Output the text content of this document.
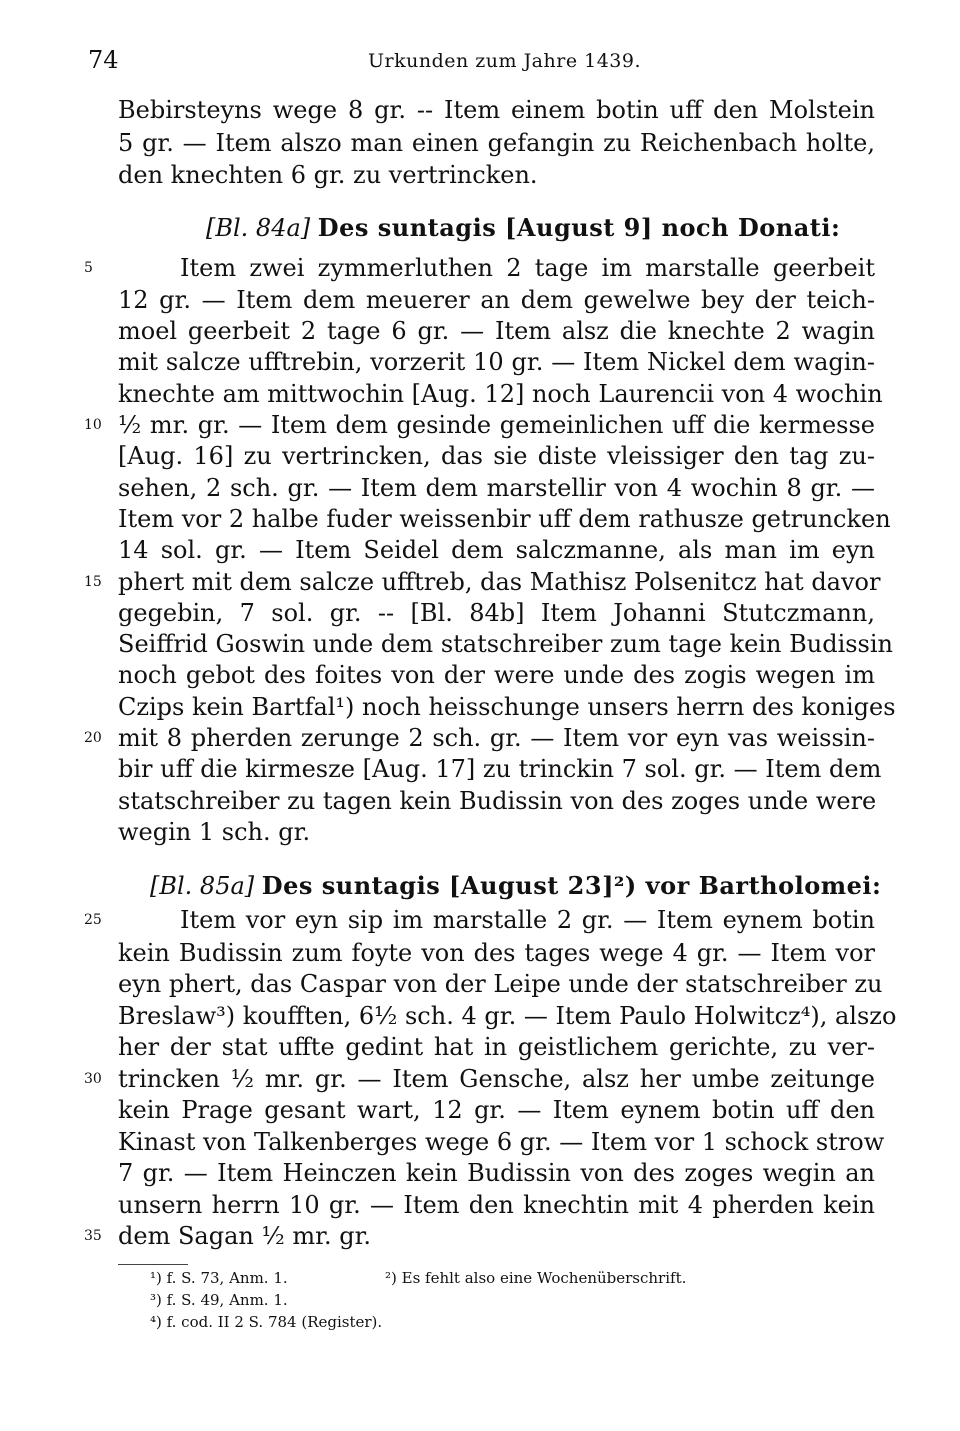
74	Urkunden zum Jahre 1439.
Bebirsteyns wege 8 gr. -- Item einem botin uff den Molstein
5 gr. — Item alszo man einen gefangin zu Reichenbach holte,
den knechten 6 gr. zu vertrincken.
[Bl. 84a] Des suntagis [August 9] noch Donati:
Item zwei zymmerluthen 2 tage im marstalle geerbeit
12 gr. — Item dem meuerer an dem gewelwe bey der teich-
moel geerbeit 2 tage 6 gr. — Item alsz die knechte 2 wagin
mit salcze ufftrebin, vorzerit 10 gr. — Item Nickel dem wagin-
knechte am mittwochin [Aug. 12] noch Laurencii von 4 wochin
½ mr. gr. — Item dem gesinde gemeinlichen uff die kermesse
[Aug. 16] zu vertrincken, das sie diste vleissiger den tag zu-
sehen, 2 sch. gr. — Item dem marstellir von 4 wochin 8 gr. —
Item vor 2 halbe fuder weissenbir uff dem rathusze getruncken
14 sol. gr. — Item Seidel dem salczmanne, als man im eyn
phert mit dem salcze ufftreb, das Mathisz Polsenitcz hat davor
gegebin, 7 sol. gr. -- [Bl. 84b] Item Johanni Stutczmann,
Seiffrid Goswin unde dem statschreiber zum tage kein Budissin
noch gebot des foites von der were unde des zogis wegen im
Czips kein Bartfal¹) noch heisschunge unsers herrn des koniges
mit 8 pherden zerunge 2 sch. gr. — Item vor eyn vas weissin-
bir uff die kirmesze [Aug. 17] zu trinckin 7 sol. gr. — Item dem
statschreiber zu tagen kein Budissin von des zoges unde were
wegin 1 sch. gr.
[Bl. 85a] Des suntagis [August 23]²) vor Bartholomei:
Item vor eyn sip im marstalle 2 gr. — Item eynem botin
kein Budissin zum foyte von des tages wege 4 gr. — Item vor
eyn phert, das Caspar von der Leipe unde der statschreiber zu
Breslaw³) koufften, 6½ sch. 4 gr. — Item Paulo Holwitcz⁴), alszo
her der stat uffte gedint hat in geistlichem gerichte, zu ver-
trincken ½ mr. gr. — Item Gensche, alsz her umbe zeitunge
kein Prage gesant wart, 12 gr. — Item eynem botin uff den
Kinast von Talkenberges wege 6 gr. — Item vor 1 schock strow
7 gr. — Item Heinczen kein Budissin von des zoges wegin an
unsern herrn 10 gr. — Item den knechtin mit 4 pherden kein
dem Sagan ½ mr. gr.
5
10
15
20
25
30
35
¹) f. S. 73, Anm. 1.	²) Es fehlt also eine Wochenüberschrift.
³) f. S. 49, Anm. 1.
⁴) f. cod. II 2 S. 784 (Register).
